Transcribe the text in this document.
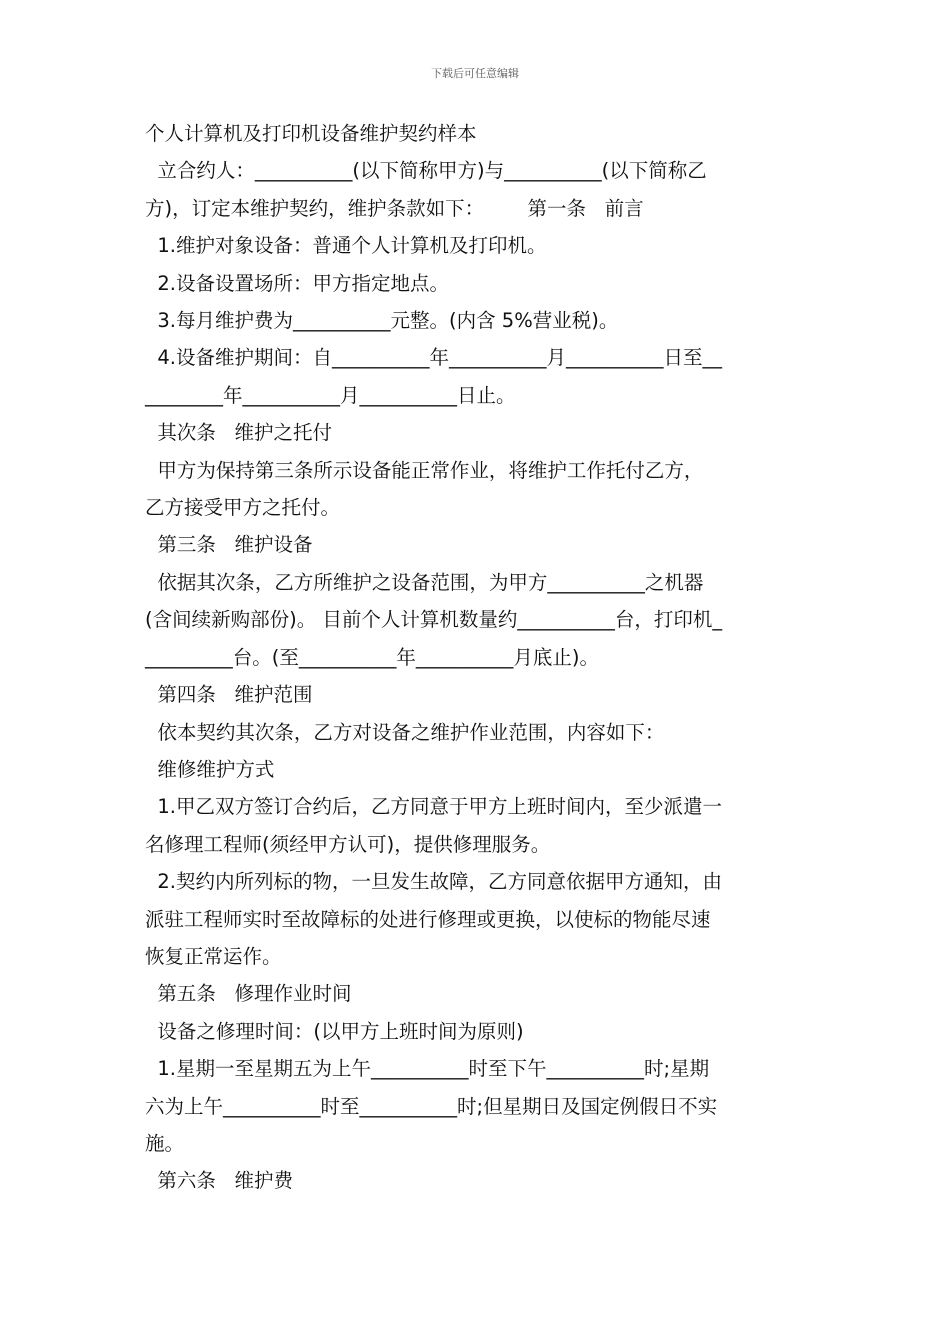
下载后可任意编辑

个人计算机及打印机设备维护契约样本

立合约人：__________(以下简称甲方)与__________(以下简称乙

方)，订定本维护契约，维护条款如下：       第一条   前言

1.维护对象设备：普通个人计算机及打印机。

2.设备设置场所：甲方指定地点。

3.每月维护费为__________元整。(内含 5%营业税)。

4.设备维护期间：自__________年__________月__________日至__

________年__________月__________日止。

其次条   维护之托付

甲方为保持第三条所示设备能正常作业，将维护工作托付乙方，

乙方接受甲方之托付。

第三条   维护设备

依据其次条，乙方所维护之设备范围，为甲方__________之机器

(含间续新购部份)。 目前个人计算机数量约__________台，打印机_

_________台。(至__________年__________月底止)。

第四条   维护范围

依本契约其次条，乙方对设备之维护作业范围，内容如下：

维修维护方式

1.甲乙双方签订合约后，乙方同意于甲方上班时间内，至少派遣一

名修理工程师(须经甲方认可)，提供修理服务。

2.契约内所列标的物，一旦发生故障，乙方同意依据甲方通知，由

派驻工程师实时至故障标的处进行修理或更换，以使标的物能尽速

恢复正常运作。

第五条   修理作业时间

设备之修理时间：(以甲方上班时间为原则)

1.星期一至星期五为上午__________时至下午__________时;星期

六为上午__________时至__________时;但星期日及国定例假日不实

施。

第六条   维护费
